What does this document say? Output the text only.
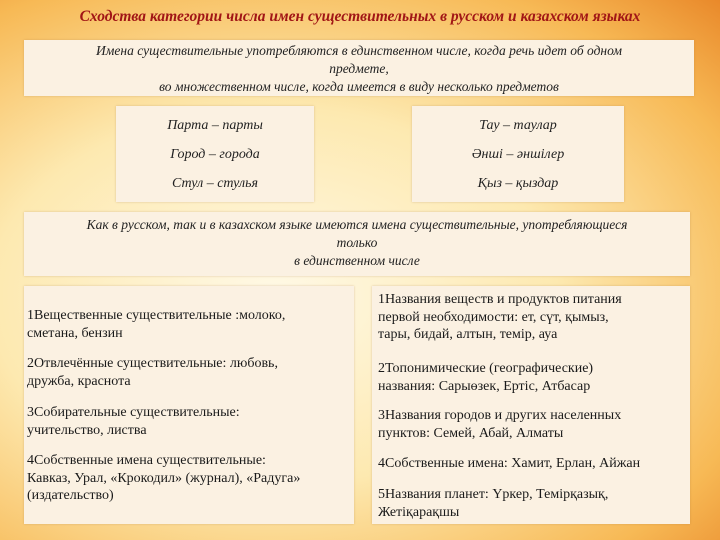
Сходства категории числа имен существительных в русском и казахском языках
Имена существительные употребляются в единственном числе, когда речь идет об одном
предмете,
во множественном числе, когда имеется в виду несколько предметов
Парта – парты
Город – города
Стул – стулья
Тау – таулар
Әншi – әншiлер
Қыз – қыздар
Как в русском, так и в казахском языке имеются имена существительные, употребляющиеся
только
в единственном числе
1Вещественные существительные :молоко,
сметана, бензин
2Отвлечённые существительные: любовь,
дружба, краснота
3Собирательные существительные:
учительство, листва
4Собственные имена существительные:
Кавказ, Урал, «Крокодил» (журнал), «Радуга»
(издательство)
1Названия веществ и продуктов питания
первой необходимости: ет, сүт, қымыз,
тары, бидай, алтын, темiр, ауа
2Топонимические (географические)
названия: Сарыөзек, Ертiс, Атбасар
3Названия городов и других населенных
пунктов: Семей, Абай, Алматы
4Собственные имена: Хамит, Ерлан, Айжан
5Названия планет: Үркер, Темiрқазық,
Жетiқарақшы
